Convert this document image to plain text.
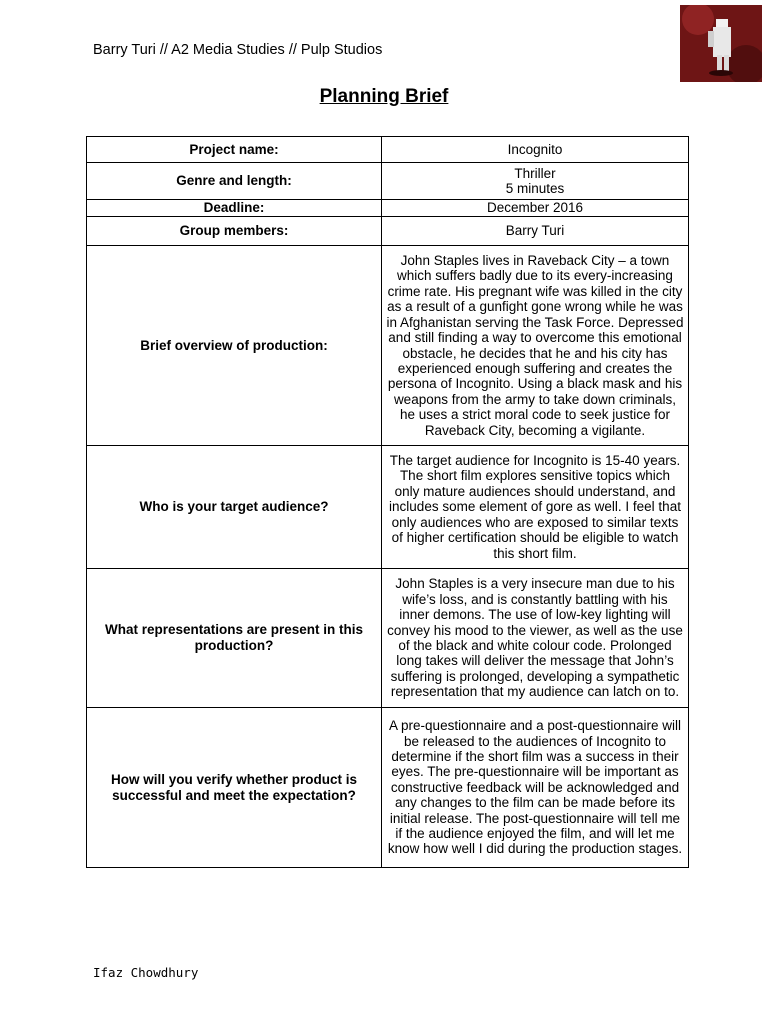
Barry Turi // A2 Media Studies // Pulp Studios
Planning Brief
Project name:	Incognito
Genre and length:	Thriller
5 minutes

Deadline:	December 2016
Group members:	Barry Turi
Brief overview of production:	John Staples lives in Raveback City – a town which suffers badly due to its every-increasing crime rate. His pregnant wife was killed in the city as a result of a gunfight gone wrong while he was in Afghanistan serving the Task Force. Depressed and still finding a way to overcome this emotional obstacle, he decides that he and his city has experienced enough suffering and creates the persona of Incognito. Using a black mask and his weapons from the army to take down criminals, he uses a strict moral code to seek justice for Raveback City, becoming a vigilante.
Who is your target audience?	The target audience for Incognito is 15-40 years. The short film explores sensitive topics which only mature audiences should understand, and includes some element of gore as well. I feel that only audiences who are exposed to similar texts of higher certification should be eligible to watch this short film.
What representations are present in this production?	John Staples is a very insecure man due to his wife’s loss, and is constantly battling with his inner demons. The use of low-key lighting will convey his mood to the viewer, as well as the use of the black and white colour code. Prolonged long takes will deliver the message that John’s suffering is prolonged, developing a sympathetic representation that my audience can latch on to.
How will you verify whether product is successful and meet the expectation?	A pre-questionnaire and a post-questionnaire will be released to the audiences of Incognito to determine if the short film was a success in their eyes. The pre-questionnaire will be important as constructive feedback will be acknowledged and any changes to the film can be made before its initial release. The post-questionnaire will tell me if the audience enjoyed the film, and will let me know how well I did during the production stages.
Ifaz Chowdhury
